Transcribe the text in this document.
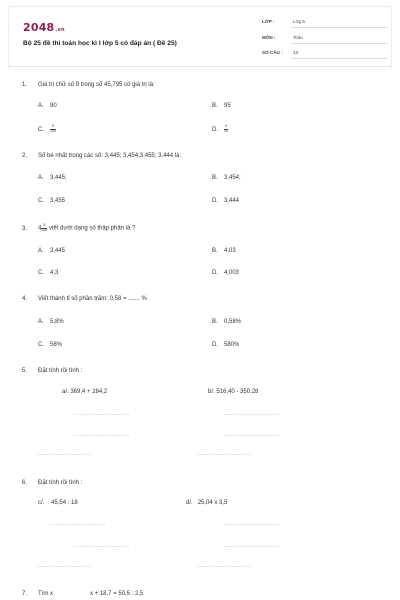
2048.vn
Bộ 25 đề thi toán học kì I lớp 5 có đáp án ( Đề 25)
LỚP :	Lớp 5
MÔN :	Toán
SỐ CÂU : 13
1. Giá trị chữ số 9 trong số 45,795 có giá trị là:
A. 90	B. 95
C. $\frac{9}{100}$	D. $\frac{9}{10}$
2. Số bé nhất trong các số: 3,445; 3,454;3,455; 3,444 là:
A. 3,445;	B. 3,454;
C. 3,455	D. 3,444
3. $4 \frac{3}{100}$ viết dưới dạng số thập phân là ?
A. 3,445	B. 4,03
C. 4,3	D. 4,003
4. Viết thành tỉ số phần trăm: 0,58 = ....... %
A. 5,8%	B. 0,58%
C. 58%	D. 580%
5. Đặt tính rồi tính :
a/. 369,4 + 284,2	b/. 516,40 - 350,28
...............................	...............................
...............................	...............................
...............................	...............................
6. Đặt tính rồi tính :
c/. 45,54 : 18	d/. 25,04 x 3,5
...............................	...............................
...............................	...............................
...............................	...............................
7. Tìm x	x + 18,7 = 50,5 : 2,5
